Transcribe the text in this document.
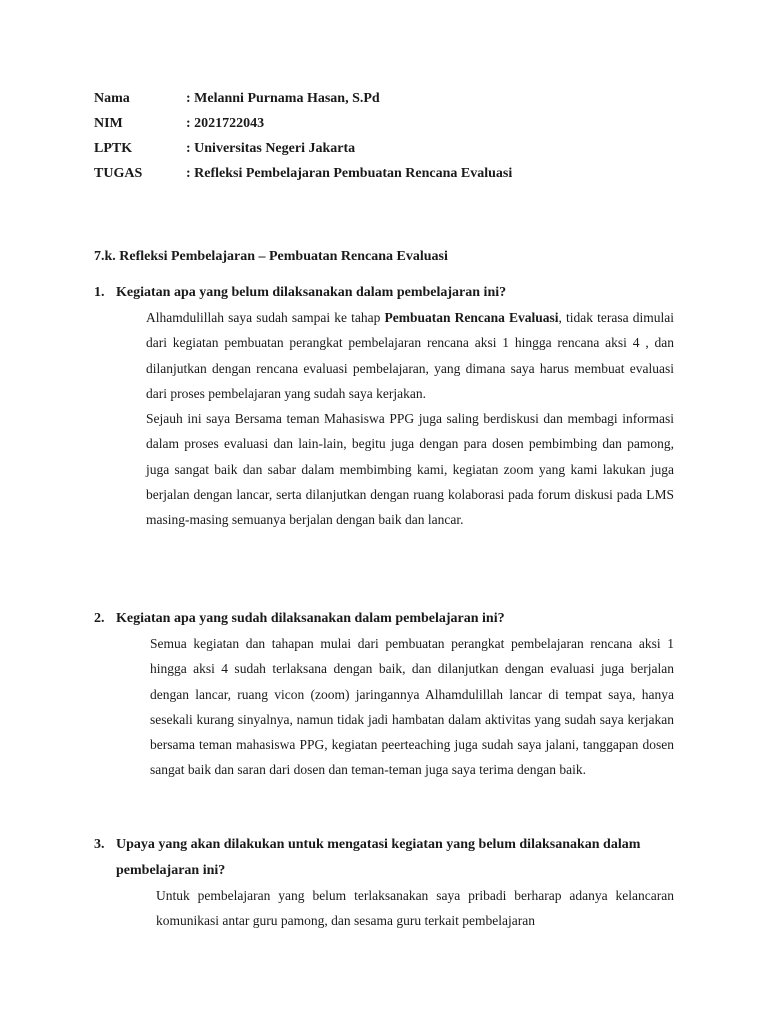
Nama	: Melanni Purnama Hasan, S.Pd
NIM	: 2021722043
LPTK	: Universitas Negeri Jakarta
TUGAS	: Refleksi Pembelajaran Pembuatan Rencana Evaluasi
7.k. Refleksi Pembelajaran – Pembuatan Rencana Evaluasi
1. Kegiatan apa yang belum dilaksanakan dalam pembelajaran ini?

Alhamdulillah saya sudah sampai ke tahap Pembuatan Rencana Evaluasi, tidak terasa dimulai dari kegiatan pembuatan perangkat pembelajaran rencana aksi 1 hingga rencana aksi 4 , dan dilanjutkan dengan rencana evaluasi pembelajaran, yang dimana saya harus membuat evaluasi dari proses pembelajaran yang sudah saya kerjakan.

Sejauh ini saya Bersama teman Mahasiswa PPG juga saling berdiskusi dan membagi informasi dalam proses evaluasi dan lain-lain, begitu juga dengan para dosen pembimbing dan pamong, juga sangat baik dan sabar dalam membimbing kami, kegiatan zoom yang kami lakukan juga berjalan dengan lancar, serta dilanjutkan dengan ruang kolaborasi pada forum diskusi pada LMS masing-masing semuanya berjalan dengan baik dan lancar.

2. Kegiatan apa yang sudah dilaksanakan dalam pembelajaran ini?

Semua kegiatan dan tahapan mulai dari pembuatan perangkat pembelajaran rencana aksi 1 hingga aksi 4 sudah terlaksana dengan baik, dan dilanjutkan dengan evaluasi juga berjalan dengan lancar, ruang vicon (zoom) jaringannya Alhamdulillah lancar di tempat saya, hanya sesekali kurang sinyalnya, namun tidak jadi hambatan dalam aktivitas yang sudah saya kerjakan bersama teman mahasiswa PPG, kegiatan peerteaching juga sudah saya jalani, tanggapan dosen sangat baik dan saran dari dosen dan teman-teman juga saya terima dengan baik.

3. Upaya yang akan dilakukan untuk mengatasi kegiatan yang belum dilaksanakan dalam pembelajaran ini?

Untuk pembelajaran yang belum terlaksanakan saya pribadi berharap adanya kelancaran komunikasi antar guru pamong, dan sesama guru terkait pembelajaran
